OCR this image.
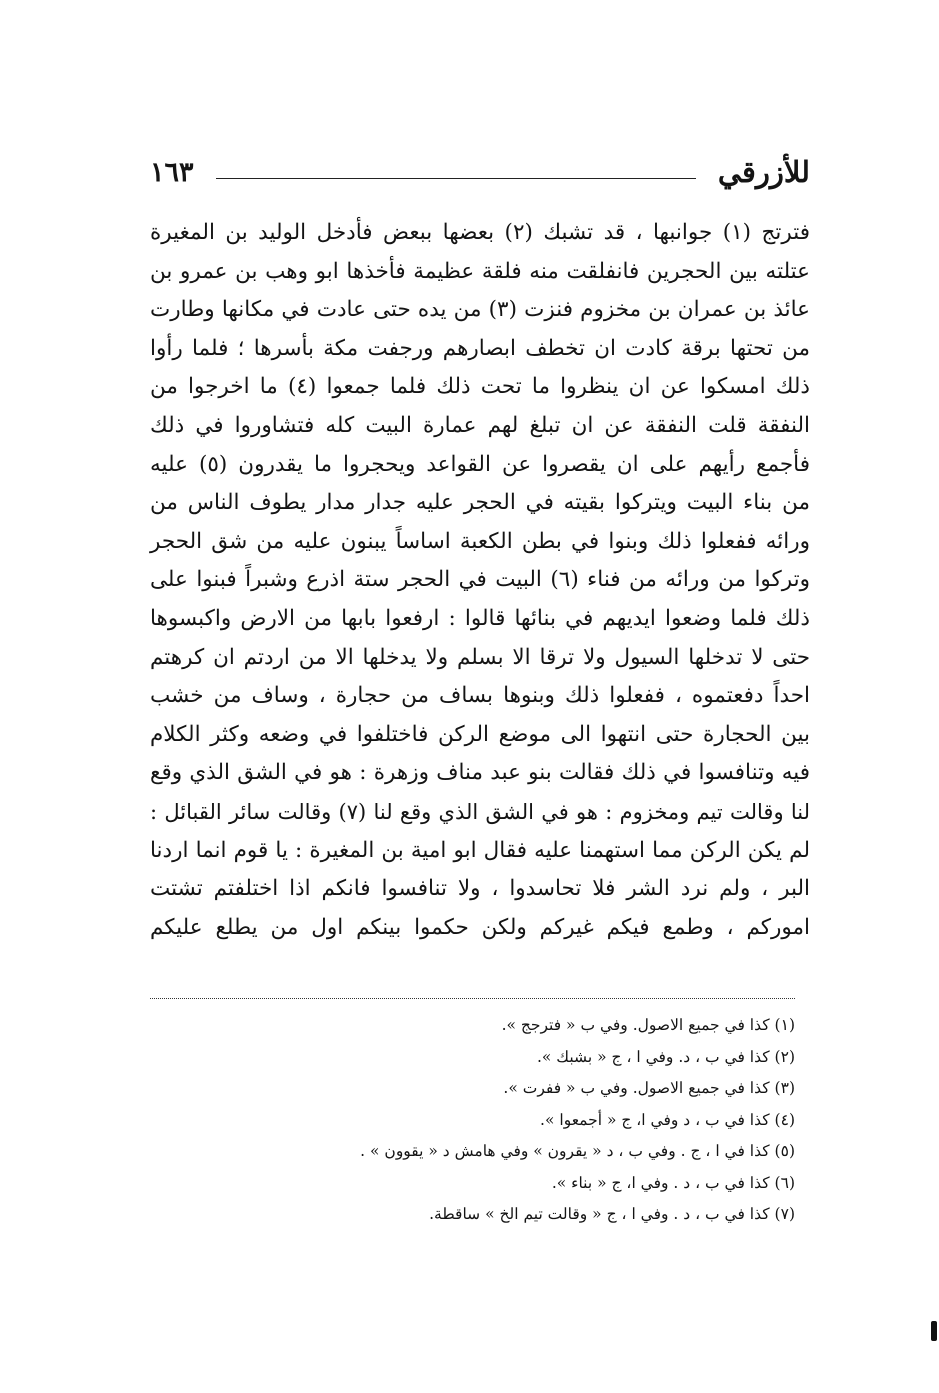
للأزرقي
١٦٣
فترتج (١) جوانبها ، قد تشبك (٢) بعضها ببعض فأدخل الوليد بن المغيرة
عتلته بين الحجرين فانفلقت منه فلقة عظيمة فأخذها ابو وهب بن عمرو بن
عائذ بن عمران بن مخزوم فنزت (٣) من يده حتى عادت في مكانها وطارت
من تحتها برقة كادت ان تخطف ابصارهم ورجفت مكة بأسرها ؛ فلما رأوا
ذلك امسكوا عن ان ينظروا ما تحت ذلك فلما جمعوا (٤) ما اخرجوا من
النفقة قلت النفقة عن ان تبلغ لهم عمارة البيت كله فتشاوروا في ذلك
فأجمع رأيهم على ان يقصروا عن القواعد ويحجروا ما يقدرون (٥) عليه
من بناء البيت ويتركوا بقيته في الحجر عليه جدار مدار يطوف الناس من
ورائه ففعلوا ذلك وبنوا في بطن الكعبة اساساً يبنون عليه من شق الحجر
وتركوا من ورائه من فناء (٦) البيت في الحجر ستة اذرع وشبراً فبنوا على
ذلك فلما وضعوا ايديهم في بنائها قالوا : ارفعوا بابها من الارض واكبسوها
حتى لا تدخلها السيول ولا ترقا الا بسلم ولا يدخلها الا من اردتم ان كرهتم
احداً دفعتموه ، ففعلوا ذلك وبنوها بساف من حجارة ، وساف من خشب
بين الحجارة حتى انتهوا الى موضع الركن فاختلفوا في وضعه وكثر الكلام
فيه وتنافسوا في ذلك فقالت بنو عبد مناف وزهرة : هو في الشق الذي وقع
لنا وقالت تيم ومخزوم : هو في الشق الذي وقع لنا (٧) وقالت سائر القبائل :
لم يكن الركن مما استهمنا عليه فقال ابو امية بن المغيرة : يا قوم انما اردنا
البر ، ولم نرد الشر فلا تحاسدوا ، ولا تنافسوا فانكم اذا اختلفتم تشتت
اموركم ، وطمع فيكم غيركم ولكن حكموا بينكم اول من يطلع عليكم
(١) كذا في جميع الاصول. وفي ب « فترجج ».
(٢) كذا في ب ، د. وفي ا ، ج « بشبك ».
(٣) كذا في جميع الاصول. وفي ب « ففرت ».
(٤) كذا في ب ، د وفي ا، ج « أجمعوا ».
(٥) كذا في ا ، ج . وفي ب ، د « يقرون » وفي هامش د « يقوون » .
(٦) كذا في ب ، د . وفي ا، ج « بناء ».
(٧) كذا في ب ، د . وفي ا ، ج « وقالت تيم الخ » ساقطة.
